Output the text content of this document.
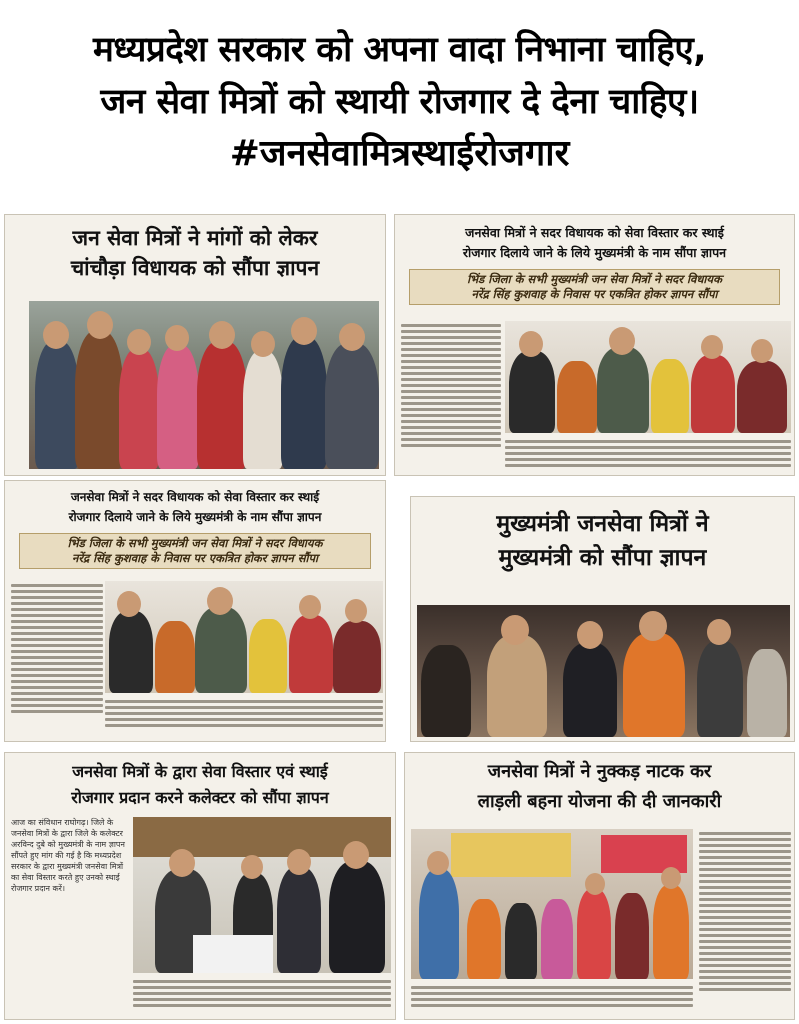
मध्यप्रदेश सरकार को अपना वादा निभाना चाहिए,
जन सेवा मित्रों को स्थायी रोजगार दे देना चाहिए।
#जनसेवामित्रस्थाईरोजगार
जन सेवा मित्रों ने मांगों को लेकर
चांचौड़ा विधायक को सौंपा ज्ञापन
जनसेवा मित्रों ने सदर विधायक को सेवा विस्तार कर स्थाई
रोजगार दिलाये जाने के लिये मुख्यमंत्री के नाम सौंपा ज्ञापन
भिंड जिला के सभी मुख्यमंत्री जन सेवा मित्रों ने सदर विधायक
नरेंद्र सिंह कुशवाह के निवास पर एकत्रित होकर ज्ञापन सौंपा
जनसेवा मित्रों ने सदर विधायक को सेवा विस्तार कर स्थाई
रोजगार दिलाये जाने के लिये मुख्यमंत्री के नाम सौंपा ज्ञापन
भिंड जिला के सभी मुख्यमंत्री जन सेवा मित्रों ने सदर विधायक
नरेंद्र सिंह कुशवाह के निवास पर एकत्रित होकर ज्ञापन सौंपा
मुख्यमंत्री जनसेवा मित्रों ने
मुख्यमंत्री को सौंपा ज्ञापन
जनसेवा मित्रों के द्वारा सेवा विस्तार एवं स्थाई
रोजगार प्रदान करने कलेक्टर को सौंपा ज्ञापन
आज का संविधान राघोगढ़। जिले के जनसेवा मित्रों के द्वारा जिले के कलेक्टर अरविन्द दुबे को मुख्यमंत्री के नाम ज्ञापन सौंपते हुए मांग की गई है कि मध्यप्रदेश सरकार के द्वारा मुख्यमंत्री जनसेवा मित्रों का सेवा विस्तार करते हुए उनको स्थाई रोजगार प्रदान करें।
जनसेवा मित्रों ने नुक्कड़ नाटक कर
लाड़ली बहना योजना की दी जानकारी
